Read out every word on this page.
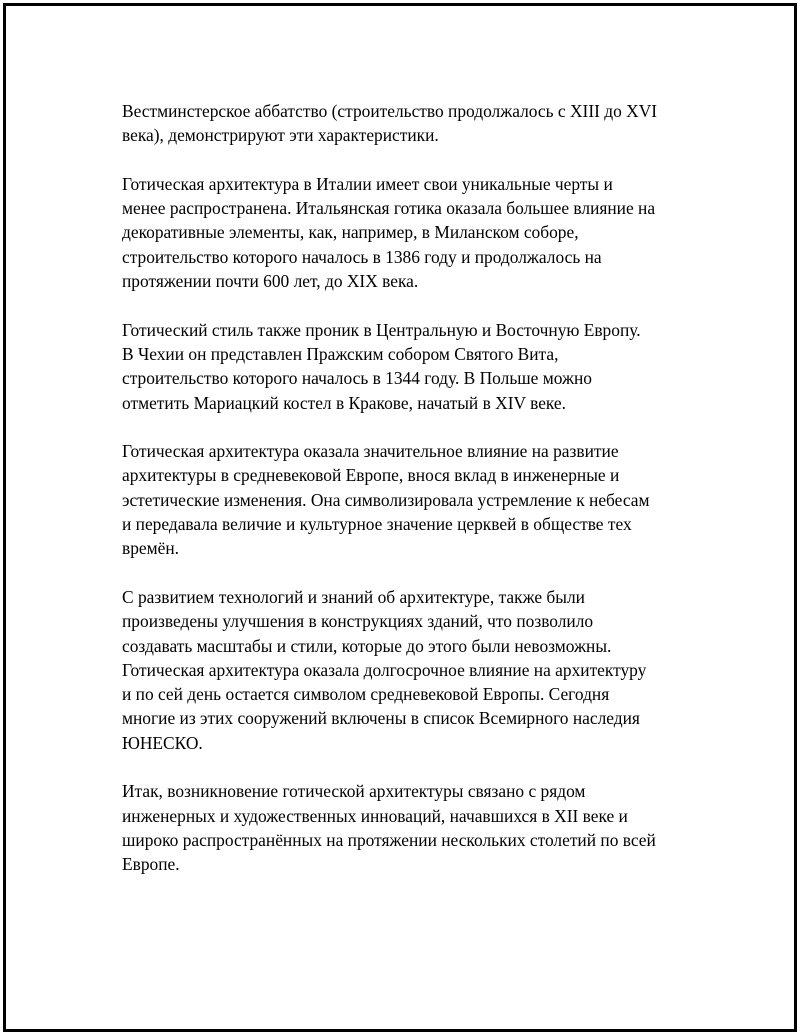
Вестминстерское аббатство (строительство продолжалось с XIII до XVI
века), демонстрируют эти характеристики.

Готическая архитектура в Италии имеет свои уникальные черты и
менее распространена. Итальянская готика оказала большее влияние на
декоративные элементы, как, например, в Миланском соборе,
строительство которого началось в 1386 году и продолжалось на
протяжении почти 600 лет, до XIX века.

Готический стиль также проник в Центральную и Восточную Европу.
В Чехии он представлен Пражским собором Святого Вита,
строительство которого началось в 1344 году. В Польше можно
отметить Мариацкий костел в Кракове, начатый в XIV веке.

Готическая архитектура оказала значительное влияние на развитие
архитектуры в средневековой Европе, внося вклад в инженерные и
эстетические изменения. Она символизировала устремление к небесам
и передавала величие и культурное значение церквей в обществе тех
времён.

С развитием технологий и знаний об архитектуре, также были
произведены улучшения в конструкциях зданий, что позволило
создавать масштабы и стили, которые до этого были невозможны.
Готическая архитектура оказала долгосрочное влияние на архитектуру
и по сей день остается символом средневековой Европы. Сегодня
многие из этих сооружений включены в список Всемирного наследия
ЮНЕСКО.

Итак, возникновение готической архитектуры связано с рядом
инженерных и художественных инноваций, начавшихся в XII веке и
широко распространённых на протяжении нескольких столетий по всей
Европе.
